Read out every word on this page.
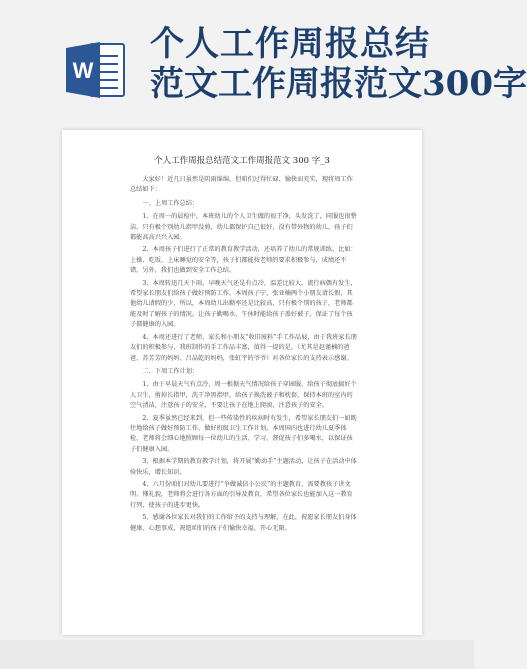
W
个人工作周报总结
范文工作周报范文300字
个人工作周报总结范文工作周报范文 300 字_3

大家好！近几日虽然是阴雨绵绵，但咱们过得忙碌、愉快而充实，现将周工作总结如下：

一、上周工作总结：

1、在周一的晨检中，本班幼儿的个人卫生做的很干净，头发洗了，同服也很整洁，只有极个别幼儿指甲没剪，幼儿都保护自己很好，没有带外物的幼儿，孩子们都能高高兴兴入园。

2、本周孩子们进行了正常的教育教学活动，还培养了幼儿的常规训练，比如：上操、吃饭、上床睡觉的安全等，孩子们都能按老师的要求积极参与，成绩还不错，另外，我们也做到安全工作总结。

3、本周转迅几天下雨，早晚天气还是有点冷，温差比较大，流行病偶有发生，希望家长朋友们给孩子做好预防工作，本周孩子宁、张亚楠两个小朋友请长假，其他幼儿请假的少，所以，本周幼儿出勤率还是比较高，只有极个别的孩子，老师都能及时了解孩子的情况。让孩子勤喝水，午休时能给孩子盖好被子，保证了每个孩子都健康的入园。

4、本周还进行了老师、家长和小朋友“收旧废料”手工作品展，由于我班家长朋友们的积极参与，我班制作的手工作品丰富，值得一提的是，（尤其是赵谨楠的爸爸、苏芳芳的妈妈、吕晶乾的妈妈，张虹宇的爷爷）对各位家长的支持表示感谢。

二、下周工作计划：

1、由于早晨天气有点冷，周一根据天气情况给孩子穿园服，给孩子彻底搞好个人卫生，剪掉长指甲，洗干净黑指甲，给孩子换洗被子和枕套，保持本班的室内的空气清洁，注意孩子的安全，不要让孩子在地上爬滚，注意孩子的安全。

2、夏季虽然已经来到，但一些传染性的疾病时有发生，希望家长朋友们一如既往地给孩子做好预防工作，做好班级卫生工作计划，本周国内也进行幼儿夏季体检，老师将会细心地照顾每一位幼儿的生活、学习，督促孩子们多喝水，以保证孩子们健康入园。

3、根据本学期的教育教学计划，将开展“勤动手”主题活动，让孩子在活动中体验快乐，增长知识。

4、六月份咱们对幼儿要进行“争做诚信小公民”的主题教育，需要教孩子讲文明、懂礼貌，老师将会进行各方面的引导及教育，希望各位家长也能加入这一教育行列，使孩子的进步更快。

5、感谢各位家长对我们的工作给予的支持与理解，在此，祝愿家长朋友们身体健康、心想事成，祝愿咱们的孩子们愉快幸福、开心无限。
